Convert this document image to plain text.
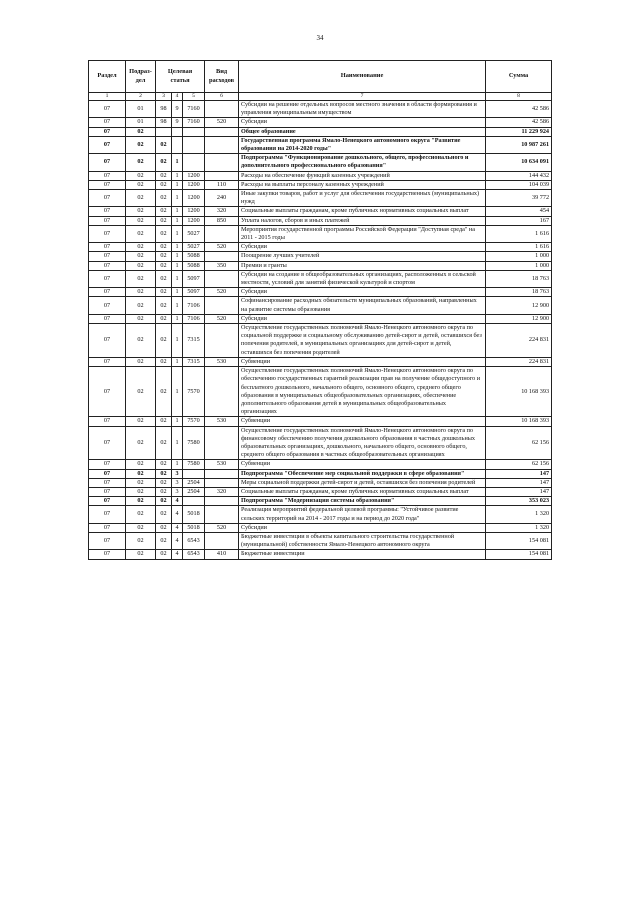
34
Раздел	Подраз-дел	Целевая статья			Вид расходов	Наименование	Сумма
1	2	3	4	5	6	7	8
07	01	98	9	7160		Субсидии на решение отдельных вопросов местного значения в области формирования и управления муниципальным имуществом	42 586
07	01	98	9	7160	520	Субсидии	42 586
07	02					Общее образование	11 229 924
07	02	02				Государственная программа Ямало-Ненецкого автономного округа "Развитие образования на 2014-2020 годы"	10 987 261
07	02	02	1			Подпрограмма "Функционирование дошкольного, общего, профессионального и дополнительного профессионального образования"	10 634 091
07	02	02	1	1200		Расходы на обеспечение функций казенных учреждений	144 432
07	02	02	1	1200	110	Расходы на выплаты персоналу казенных учреждений	104 039
07	02	02	1	1200	240	Иные закупки товаров, работ и услуг для обеспечения государственных (муниципальных) нужд	39 772
07	02	02	1	1200	320	Социальные выплаты гражданам, кроме публичных нормативных социальных выплат	454
07	02	02	1	1200	850	Уплата налогов, сборов и иных платежей	167
07	02	02	1	5027		Мероприятия государственной программы Российской Федерации "Доступная среда" на 2011 - 2015 годы	1 616
07	02	02	1	5027	520	Субсидии	1 616
07	02	02	1	5088		Поощрение лучших учителей	1 000
07	02	02	1	5088	350	Премии и гранты	1 000
07	02	02	1	5097		Субсидии на создание в общеобразовательных организациях, расположенных в сельской местности, условий для занятий физической культурой и спортом	18 763
07	02	02	1	5097	520	Субсидии	18 763
07	02	02	1	7106		Софинансирование расходных обязательств муниципальных образований, направленных на развитие системы образования	12 900
07	02	02	1	7106	520	Субсидии	12 900
07	02	02	1	7315		Осуществление государственных полномочий Ямало-Ненецкого автономного округа по социальной поддержке и социальному обслуживанию детей-сирот и детей, оставшихся без попечения родителей, в муниципальных организациях для детей-сирот и детей, оставшихся без попечения родителей	224 831
07	02	02	1	7315	530	Субвенции	224 831
07	02	02	1	7570		Осуществление государственных полномочий Ямало-Ненецкого автономного округа по обеспечению государственных гарантий реализации прав на получение общедоступного и бесплатного дошкольного, начального общего, основного общего, среднего общего образования в муниципальных общеобразовательных организациях, обеспечение дополнительного образования детей в муниципальных общеобразовательных организациях	10 168 393
07	02	02	1	7570	530	Субвенции	10 168 393
07	02	02	1	7580		Осуществление государственных полномочий Ямало-Ненецкого автономного округа по финансовому обеспечению получения дошкольного образования в частных дошкольных образовательных организациях, дошкольного, начального общего, основного общего, среднего общего образования в частных общеобразовательных организациях	62 156
07	02	02	1	7580	530	Субвенции	62 156
07	02	02	3			Подпрограмма "Обеспечение мер социальной поддержки в сфере образования"	147
07	02	02	3	2504		Меры социальной поддержки детей-сирот и детей, оставшихся без попечения родителей	147
07	02	02	3	2504	320	Социальные выплаты гражданам, кроме публичных нормативных социальных выплат	147
07	02	02	4			Подпрограмма "Модернизация системы образования"	353 023
07	02	02	4	5018		Реализация мероприятий федеральной целевой программы: "Устойчивое развитие сельских территорий на 2014 - 2017 годы и на период до 2020 года"	1 320
07	02	02	4	5018	520	Субсидии	1 320
07	02	02	4	6543		Бюджетные инвестиции в объекты капитального строительства государственной (муниципальной) собственности Ямало-Ненецкого автономного округа	154 081
07	02	02	4	6543	410	Бюджетные инвестиции	154 081
